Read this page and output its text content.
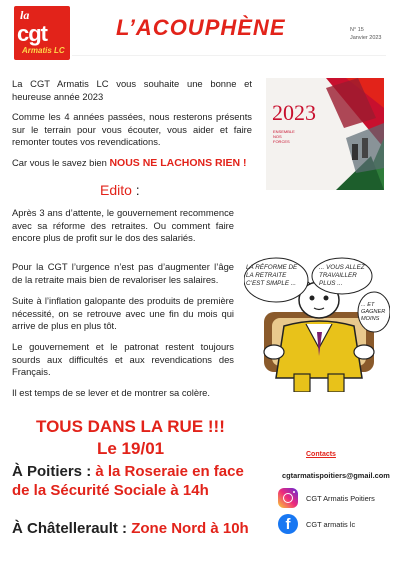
la
cgt
Armatis LC
L’ACOUPHÈNE	N° 15
Janvier 2023
La CGT Armatis LC vous souhaite une bonne et heureuse année 2023
Comme les 4 années passées, nous resterons présents sur le terrain pour vous écouter, vous aider et faire remonter toutes vos revendications.
Car vous le savez bien NOUS NE LACHONS RIEN !
2023
ENSEMBLE
NOS
FORCES
Edito :
Après 3 ans d’attente, le gouvernement recommence avec sa réforme des retraites. Ou comment faire encore plus de profit sur le dos des salariés.
Pour la CGT l’urgence n’est pas d’augmenter l’âge de la retraite mais bien de revaloriser les salaires.
Suite à l’inflation galopante des produits de première nécessité, on se retrouve avec une fin du mois qui arrive de plus en plus tôt.
Le gouvernement et le patronat restent toujours sourds aux difficultés et aux revendications des Français.
Il est temps de se lever et de montrer sa colère.
LA RÉFORME DE LA RETRAITE C’EST SIMPLE ...
... VOUS ALLEZ TRAVAILLER PLUS ...
... ET GAGNER MOINS
TOUS DANS LA RUE !!!
Le 19/01
À Poitiers : à la Roseraie en face
de la Sécurité Sociale à 14h
À Châtellerault : Zone Nord à 10h
Contacts
cgtarmatispoitiers@gmail.com
CGT Armatis Poitiers
f	CGT armatis lc
